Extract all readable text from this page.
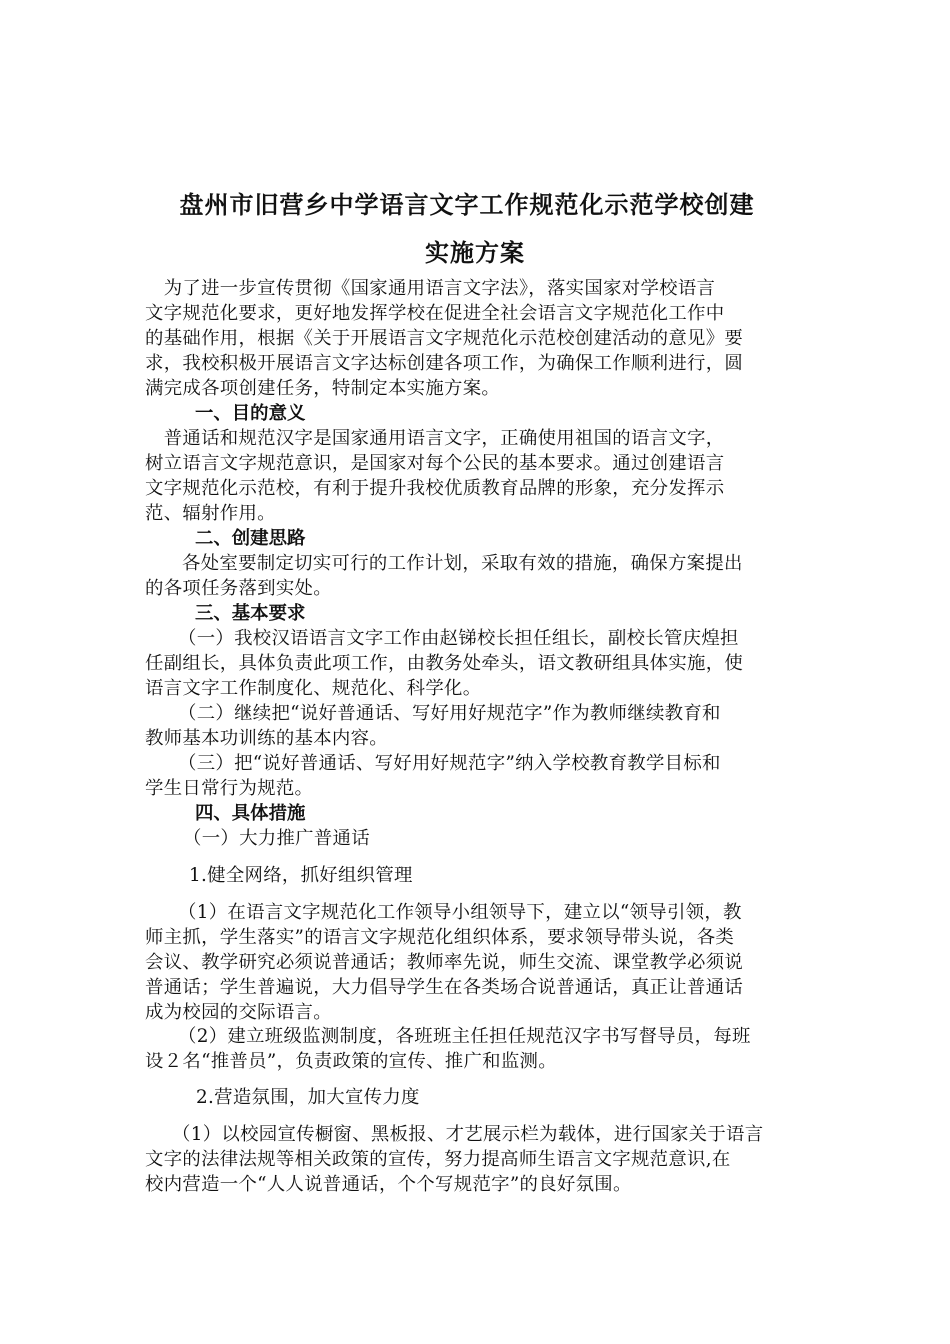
盘州市旧营乡中学语言文字工作规范化示范学校创建
实施方案
　为了进一步宣传贯彻《国家通用语言文字法》，落实国家对学校语言
文字规范化要求，更好地发挥学校在促进全社会语言文字规范化工作中
的基础作用，根据《关于开展语言文字规范化示范校创建活动的意见》要
求，我校积极开展语言文字达标创建各项工作，为确保工作顺利进行，圆
满完成各项创建任务，特制定本实施方案。
一、目的意义
　普通话和规范汉字是国家通用语言文字，正确使用祖国的语言文字，
树立语言文字规范意识，是国家对每个公民的基本要求。通过创建语言
文字规范化示范校，有利于提升我校优质教育品牌的形象，充分发挥示
范、辐射作用。
二、创建思路
各处室要制定切实可行的工作计划，采取有效的措施，确保方案提出
的各项任务落到实处。
三、基本要求
（一）我校汉语语言文字工作由赵锑校长担任组长，副校长管庆煌担
任副组长，具体负责此项工作，由教务处牵头，语文教研组具体实施，使
语言文字工作制度化、规范化、科学化。
（二）继续把“说好普通话、写好用好规范字”作为教师继续教育和
教师基本功训练的基本内容。
（三）把“说好普通话、写好用好规范字”纳入学校教育教学目标和
学生日常行为规范。
四、具体措施
（一）大力推广普通话
1.健全网络，抓好组织管理
（1）在语言文字规范化工作领导小组领导下，建立以“领导引领，教
师主抓，学生落实”的语言文字规范化组织体系，要求领导带头说，各类
会议、教学研究必须说普通话；教师率先说，师生交流、课堂教学必须说
普通话；学生普遍说，大力倡导学生在各类场合说普通话，真正让普通话
成为校园的交际语言。
（2）建立班级监测制度，各班班主任担任规范汉字书写督导员，每班
设２名“推普员”，负责政策的宣传、推广和监测。
2.营造氛围，加大宣传力度
（1）以校园宣传橱窗、黑板报、才艺展示栏为载体，进行国家关于语言
文字的法律法规等相关政策的宣传，努力提高师生语言文字规范意识,在
校内营造一个“人人说普通话，个个写规范字”的良好氛围。
